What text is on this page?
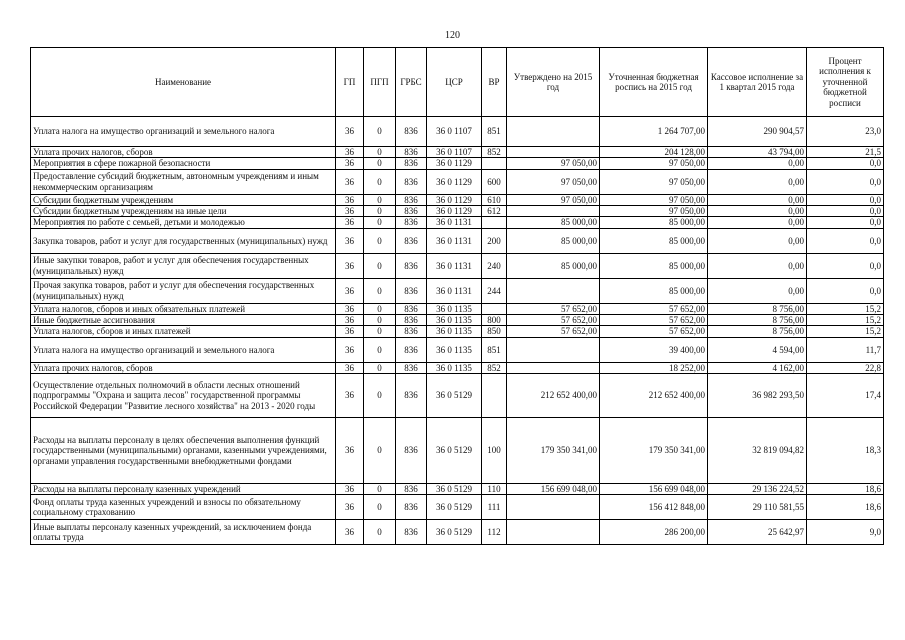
120
Наименование	ГП	ПГП	ГРБС	ЦСР	ВР	Утверждено на 2015 год	Уточненная бюджетная роспись на 2015 год	Кассовое исполнение за 1 квартал 2015 года	Процент исполнения к уточненной бюджетной росписи
Уплата налога на имущество организаций и земельного налога	36	0	836	36 0 1107	851		1 264 707,00	290 904,57	23,0
Уплата прочих налогов, сборов	36	0	836	36 0 1107	852		204 128,00	43 794,00	21,5
Мероприятия в сфере пожарной безопасности	36	0	836	36 0 1129		97 050,00	97 050,00	0,00	0,0
Предоставление субсидий бюджетным, автономным учреждениям и иным некоммерческим организациям	36	0	836	36 0 1129	600	97 050,00	97 050,00	0,00	0,0
Субсидии бюджетным учреждениям	36	0	836	36 0 1129	610	97 050,00	97 050,00	0,00	0,0
Субсидии бюджетным учреждениям на иные цели	36	0	836	36 0 1129	612		97 050,00	0,00	0,0
Мероприятия по работе с семьей, детьми и молодежью	36	0	836	36 0 1131		85 000,00	85 000,00	0,00	0,0
Закупка товаров, работ и услуг для государственных (муниципальных) нужд	36	0	836	36 0 1131	200	85 000,00	85 000,00	0,00	0,0
Иные закупки товаров, работ и услуг для обеспечения государственных (муниципальных) нужд	36	0	836	36 0 1131	240	85 000,00	85 000,00	0,00	0,0
Прочая закупка товаров, работ и услуг для обеспечения государственных (муниципальных) нужд	36	0	836	36 0 1131	244		85 000,00	0,00	0,0
Уплата налогов, сборов и иных обязательных платежей	36	0	836	36 0 1135		57 652,00	57 652,00	8 756,00	15,2
Иные бюджетные ассигнования	36	0	836	36 0 1135	800	57 652,00	57 652,00	8 756,00	15,2
Уплата налогов, сборов и иных платежей	36	0	836	36 0 1135	850	57 652,00	57 652,00	8 756,00	15,2
Уплата налога на имущество организаций и земельного налога	36	0	836	36 0 1135	851		39 400,00	4 594,00	11,7
Уплата прочих налогов, сборов	36	0	836	36 0 1135	852		18 252,00	4 162,00	22,8
Осуществление отдельных полномочий в области лесных отношений подпрограммы "Охрана и защита лесов" государственной программы Российской Федерации "Развитие лесного хозяйства" на 2013 - 2020 годы	36	0	836	36 0 5129		212 652 400,00	212 652 400,00	36 982 293,50	17,4
Расходы на выплаты персоналу в целях обеспечения выполнения функций государственными (муниципальными) органами, казенными учреждениями, органами управления государственными внебюджетными фондами	36	0	836	36 0 5129	100	179 350 341,00	179 350 341,00	32 819 094,82	18,3
Расходы на выплаты персоналу казенных учреждений	36	0	836	36 0 5129	110	156 699 048,00	156 699 048,00	29 136 224,52	18,6
Фонд оплаты труда казенных учреждений и взносы по обязательному социальному страхованию	36	0	836	36 0 5129	111		156 412 848,00	29 110 581,55	18,6
Иные выплаты персоналу казенных учреждений, за исключением фонда оплаты труда	36	0	836	36 0 5129	112		286 200,00	25 642,97	9,0
